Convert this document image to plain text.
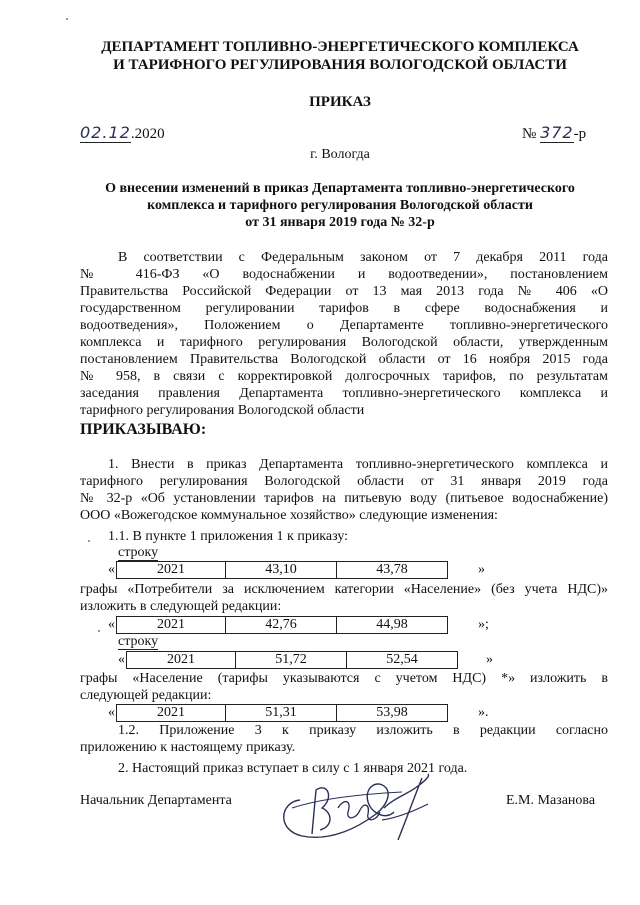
ДЕПАРТАМЕНТ ТОПЛИВНО-ЭНЕРГЕТИЧЕСКОГО КОМПЛЕКСА
И ТАРИФНОГО РЕГУЛИРОВАНИЯ ВОЛОГОДСКОЙ ОБЛАСТИ
ПРИКАЗ
02.12.2020	№ 372-р
г. Вологда
О внесении изменений в приказ Департамента топливно-энергетического
комплекса и тарифного регулирования Вологодской области
от 31 января 2019 года № 32-р
В соответствии с Федеральным законом от 7 декабря 2011 года
№ 416-ФЗ «О водоснабжении и водоотведении», постановлением
Правительства Российской Федерации от 13 мая 2013 года № 406 «О
государственном регулировании тарифов в сфере водоснабжения и
водоотведения», Положением о Департаменте топливно-энергетического
комплекса и тарифного регулирования Вологодской области, утвержденным
постановлением Правительства Вологодской области от 16 ноября 2015 года
№ 958, в связи с корректировкой долгосрочных тарифов, по результатам
заседания правления Департамента топливно-энергетического комплекса и
тарифного регулирования Вологодской области
ПРИКАЗЫВАЮ:
1. Внести в приказ Департамента топливно-энергетического комплекса и
тарифного регулирования Вологодской области от 31 января 2019 года
№ 32-р «Об установлении тарифов на питьевую воду (питьевое водоснабжение)
ООО «Вожегодское коммунальное хозяйство» следующие изменения:
1.1. В пункте 1 приложения 1 к приказу:
строку
«	2021	43,10	43,78	»
графы «Потребители за исключением категории «Население» (без учета НДС)»
изложить в следующей редакции:
«	2021	42,76	44,98	»;
строку
«	2021	51,72	52,54	»
графы «Население (тарифы указываются с учетом НДС) *» изложить в
следующей редакции:
«	2021	51,31	53,98	».
1.2. Приложение 3 к приказу изложить в редакции согласно
приложению к настоящему приказу.
2. Настоящий приказ вступает в силу с 1 января 2021 года.
Начальник Департамента	Е.М. Мазанова
